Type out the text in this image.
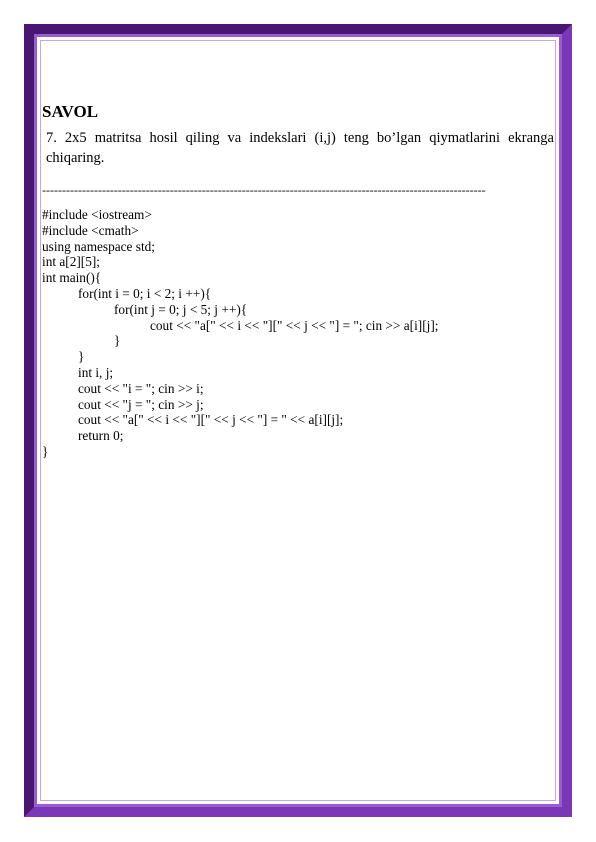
SAVOL

7. 2x5 matritsa hosil qiling va indekslari (i,j) teng bo’lgan qiymatlarini ekranga chiqaring.

---------------------------------------------------------------------------------------------------------------
#include <iostream>
#include <cmath>
using namespace std;
int a[2][5];
int main(){
for(int i = 0; i < 2; i ++){
for(int j = 0; j < 5; j ++){
cout << "a[" << i << "][" << j << "] = "; cin >> a[i][j];
}
}
int i, j;
cout << "i = "; cin >> i;
cout << "j = "; cin >> j;
cout << "a[" << i << "][" << j << "] = " << a[i][j];
return 0;
}
